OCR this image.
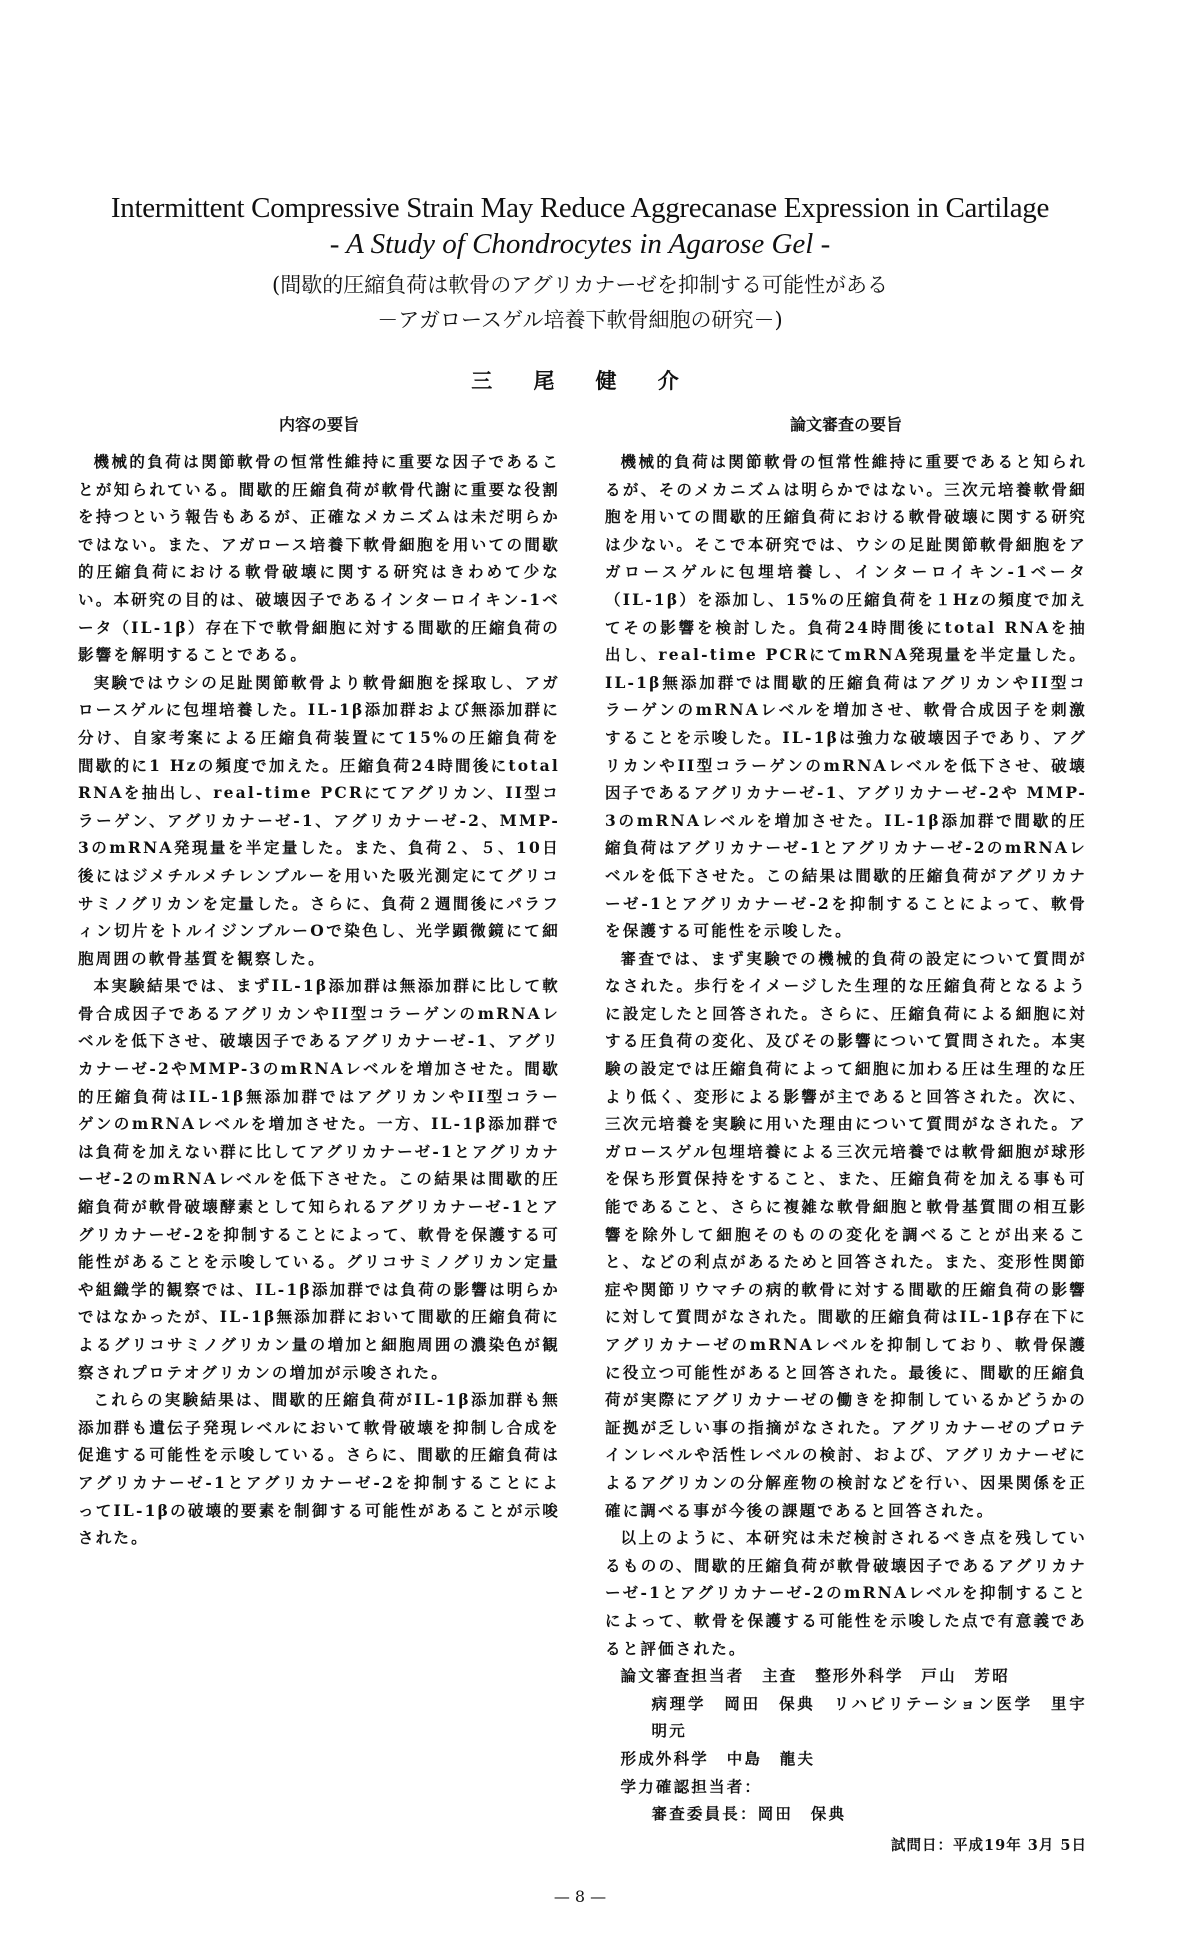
Intermittent Compressive Strain May Reduce Aggrecanase Expression in Cartilage
- A Study of Chondrocytes in Agarose Gel -
(間歇的圧縮負荷は軟骨のアグリカナーゼを抑制する可能性がある
－アガロースゲル培養下軟骨細胞の研究－)
三 尾　健 介
内容の要旨

機械的負荷は関節軟骨の恒常性維持に重要な因子であることが知られている。間歇的圧縮負荷が軟骨代謝に重要な役割を持つという報告もあるが、正確なメカニズムは未だ明らかではない。また、アガロース培養下軟骨細胞を用いての間歇的圧縮負荷における軟骨破壊に関する研究はきわめて少ない。本研究の目的は、破壊因子であるインターロイキン-1ベータ（IL-1β）存在下で軟骨細胞に対する間歇的圧縮負荷の影響を解明することである。

実験ではウシの足趾関節軟骨より軟骨細胞を採取し、アガロースゲルに包埋培養した。IL-1β添加群および無添加群に分け、自家考案による圧縮負荷装置にて15%の圧縮負荷を間歇的に1 Hzの頻度で加えた。圧縮負荷24時間後にtotal RNAを抽出し、real-time PCRにてアグリカン、II型コラーゲン、アグリカナーゼ-1、アグリカナーゼ-2、MMP-3のmRNA発現量を半定量した。また、負荷２、５、10日後にはジメチルメチレンブルーを用いた吸光測定にてグリコサミノグリカンを定量した。さらに、負荷２週間後にパラフィン切片をトルイジンブルーOで染色し、光学顕微鏡にて細胞周囲の軟骨基質を観察した。

本実験結果では、まずIL-1β添加群は無添加群に比して軟骨合成因子であるアグリカンやII型コラーゲンのmRNAレベルを低下させ、破壊因子であるアグリカナーゼ-1、アグリカナーゼ-2やMMP-3のmRNAレベルを増加させた。間歇的圧縮負荷はIL-1β無添加群ではアグリカンやII型コラーゲンのmRNAレベルを増加させた。一方、IL-1β添加群では負荷を加えない群に比してアグリカナーゼ-1とアグリカナーゼ-2のmRNAレベルを低下させた。この結果は間歇的圧縮負荷が軟骨破壊酵素として知られるアグリカナーゼ-1とアグリカナーゼ-2を抑制することによって、軟骨を保護する可能性があることを示唆している。グリコサミノグリカン定量や組織学的観察では、IL-1β添加群では負荷の影響は明らかではなかったが、IL-1β無添加群において間歇的圧縮負荷によるグリコサミノグリカン量の増加と細胞周囲の濃染色が観察されプロテオグリカンの増加が示唆された。

これらの実験結果は、間歇的圧縮負荷がIL-1β添加群も無添加群も遺伝子発現レベルにおいて軟骨破壊を抑制し合成を促進する可能性を示唆している。さらに、間歇的圧縮負荷はアグリカナーゼ-1とアグリカナーゼ-2を抑制することによってIL-1βの破壊的要素を制御する可能性があることが示唆された。

論文審査の要旨

機械的負荷は関節軟骨の恒常性維持に重要であると知られるが、そのメカニズムは明らかではない。三次元培養軟骨細胞を用いての間歇的圧縮負荷における軟骨破壊に関する研究は少ない。そこで本研究では、ウシの足趾関節軟骨細胞をアガロースゲルに包埋培養し、インターロイキン-1ベータ（IL-1β）を添加し、15%の圧縮負荷を１Hzの頻度で加えてその影響を検討した。負荷24時間後にtotal RNAを抽出し、real-time PCRにてmRNA発現量を半定量した。IL-1β無添加群では間歇的圧縮負荷はアグリカンやII型コラーゲンのmRNAレベルを増加させ、軟骨合成因子を刺激することを示唆した。IL-1βは強力な破壊因子であり、アグリカンやII型コラーゲンのmRNAレベルを低下させ、破壊因子であるアグリカナーゼ-1、アグリカナーゼ-2や MMP-3のmRNAレベルを増加させた。IL-1β添加群で間歇的圧縮負荷はアグリカナーゼ-1とアグリカナーゼ-2のmRNAレベルを低下させた。この結果は間歇的圧縮負荷がアグリカナーゼ-1とアグリカナーゼ-2を抑制することによって、軟骨を保護する可能性を示唆した。

審査では、まず実験での機械的負荷の設定について質問がなされた。歩行をイメージした生理的な圧縮負荷となるように設定したと回答された。さらに、圧縮負荷による細胞に対する圧負荷の変化、及びその影響について質問された。本実験の設定では圧縮負荷によって細胞に加わる圧は生理的な圧より低く、変形による影響が主であると回答された。次に、三次元培養を実験に用いた理由について質問がなされた。アガロースゲル包埋培養による三次元培養では軟骨細胞が球形を保ち形質保持をすること、また、圧縮負荷を加える事も可能であること、さらに複雑な軟骨細胞と軟骨基質間の相互影響を除外して細胞そのものの変化を調べることが出来ること、などの利点があるためと回答された。また、変形性関節症や関節リウマチの病的軟骨に対する間歇的圧縮負荷の影響に対して質問がなされた。間歇的圧縮負荷はIL-1β存在下にアグリカナーゼのmRNAレベルを抑制しており、軟骨保護に役立つ可能性があると回答された。最後に、間歇的圧縮負荷が実際にアグリカナーゼの働きを抑制しているかどうかの証拠が乏しい事の指摘がなされた。アグリカナーゼのプロテインレベルや活性レベルの検討、および、アグリカナーゼによるアグリカンの分解産物の検討などを行い、因果関係を正確に調べる事が今後の課題であると回答された。

以上のように、本研究は未だ検討されるべき点を残しているものの、間歇的圧縮負荷が軟骨破壊因子であるアグリカナーゼ-1とアグリカナーゼ-2のmRNAレベルを抑制することによって、軟骨を保護する可能性を示唆した点で有意義であると評価された。

論文審査担当者　主査　整形外科学　戸山　芳昭
病理学　岡田　保典　リハビリテーション医学　里宇　明元
形成外科学　中島　龍夫
学力確認担当者：
審査委員長：岡田　保典
試問日：平成19年 3月 5日
— 8 —
